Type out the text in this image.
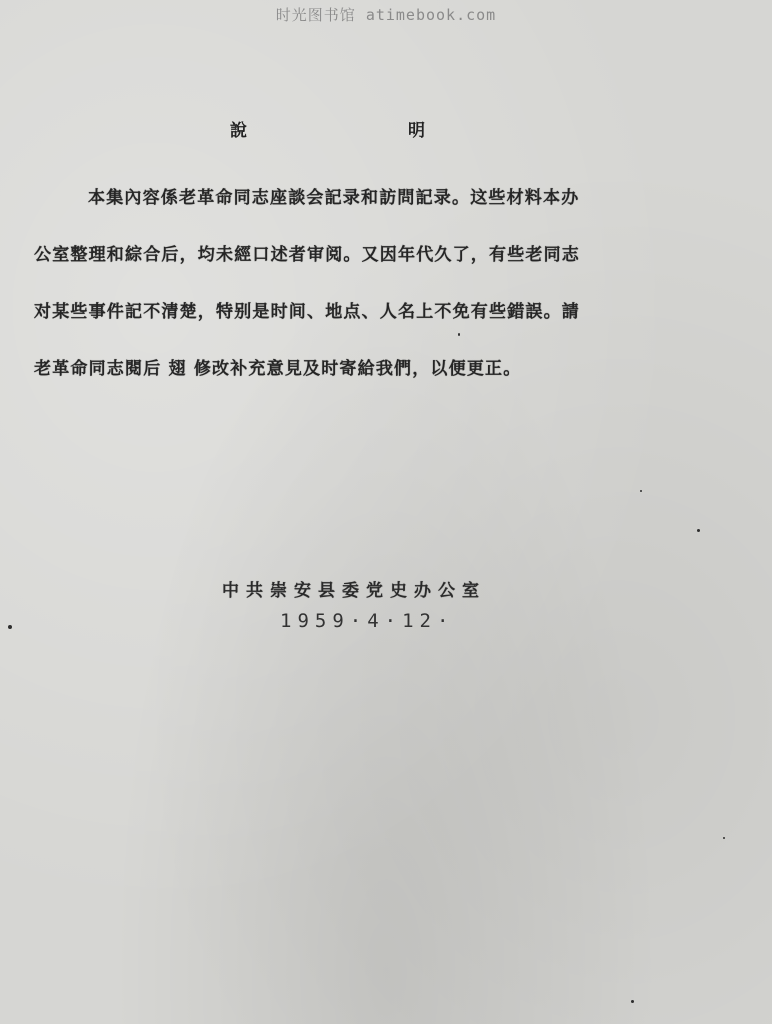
时光图书馆 atimebook.com
說	明
本集內容係老革命同志座談会記录和訪問記录。这些材料本办
公室整理和綜合后，均未經口述者审阅。又因年代久了，有些老同志
对某些事件記不清楚，特别是时间、地点、人名上不免有些錯誤。請
老革命同志閱后 翅 修改补充意見及时寄給我們，以便更正。
中共崇安县委党史办公室
1959·4·12·
